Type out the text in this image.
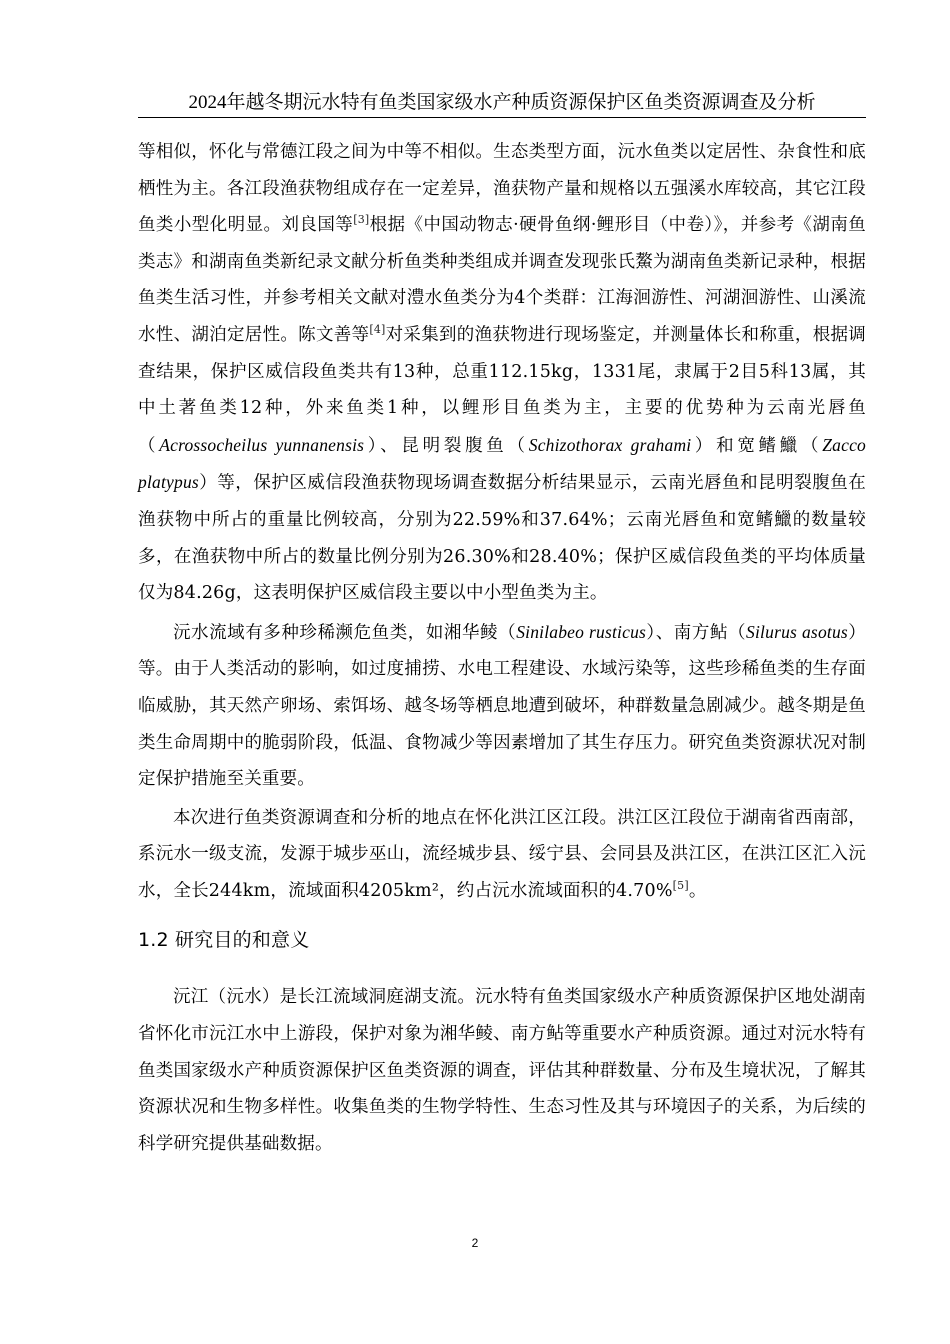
2024年越冬期沅水特有鱼类国家级水产种质资源保护区鱼类资源调查及分析

等相似，怀化与常德江段之间为中等不相似。生态类型方面，沅水鱼类以定居性、杂食性和底栖性为主。各江段渔获物组成存在一定差异，渔获物产量和规格以五强溪水库较高，其它江段鱼类小型化明显。刘良国等[3]根据《中国动物志·硬骨鱼纲·鲤形目（中卷）》，并参考《湖南鱼类志》和湖南鱼类新纪录文献分析鱼类种类组成并调查发现张氏鰲为湖南鱼类新记录种，根据鱼类生活习性，并参考相关文献对澧水鱼类分为4个类群：江海洄游性、河湖洄游性、山溪流水性、湖泊定居性。陈文善等[4]对采集到的渔获物进行现场鉴定，并测量体长和称重，根据调查结果，保护区威信段鱼类共有13种，总重112.15kg，1331尾，隶属于2目5科13属，其中土著鱼类12种，外来鱼类1种，以鲤形目鱼类为主，主要的优势种为云南光唇鱼（Acrossocheilus yunnanensis）、昆明裂腹鱼（Schizothorax grahami）和宽鳍鱲（Zacco platypus）等，保护区威信段渔获物现场调查数据分析结果显示，云南光唇鱼和昆明裂腹鱼在渔获物中所占的重量比例较高，分别为22.59%和37.64%；云南光唇鱼和宽鳍鱲的数量较多，在渔获物中所占的数量比例分别为26.30%和28.40%；保护区威信段鱼类的平均体质量仅为84.26g，这表明保护区威信段主要以中小型鱼类为主。

沅水流域有多种珍稀濒危鱼类，如湘华鲮（Sinilabeo rusticus）、南方鲇（Silurus asotus）等。由于人类活动的影响，如过度捕捞、水电工程建设、水域污染等，这些珍稀鱼类的生存面临威胁，其天然产卵场、索饵场、越冬场等栖息地遭到破坏，种群数量急剧减少。越冬期是鱼类生命周期中的脆弱阶段，低温、食物减少等因素增加了其生存压力。研究鱼类资源状况对制定保护措施至关重要。

本次进行鱼类资源调查和分析的地点在怀化洪江区江段。洪江区江段位于湖南省西南部，系沅水一级支流，发源于城步巫山，流经城步县、绥宁县、会同县及洪江区，在洪江区汇入沅水，全长244km，流域面积4205km²，约占沅水流域面积的4.70%[5]。

1.2 研究目的和意义

沅江（沅水）是长江流域洞庭湖支流。沅水特有鱼类国家级水产种质资源保护区地处湖南省怀化市沅江水中上游段，保护对象为湘华鲮、南方鲇等重要水产种质资源。通过对沅水特有鱼类国家级水产种质资源保护区鱼类资源的调查，评估其种群数量、分布及生境状况，了解其资源状况和生物多样性。收集鱼类的生物学特性、生态习性及其与环境因子的关系，为后续的科学研究提供基础数据。

2
